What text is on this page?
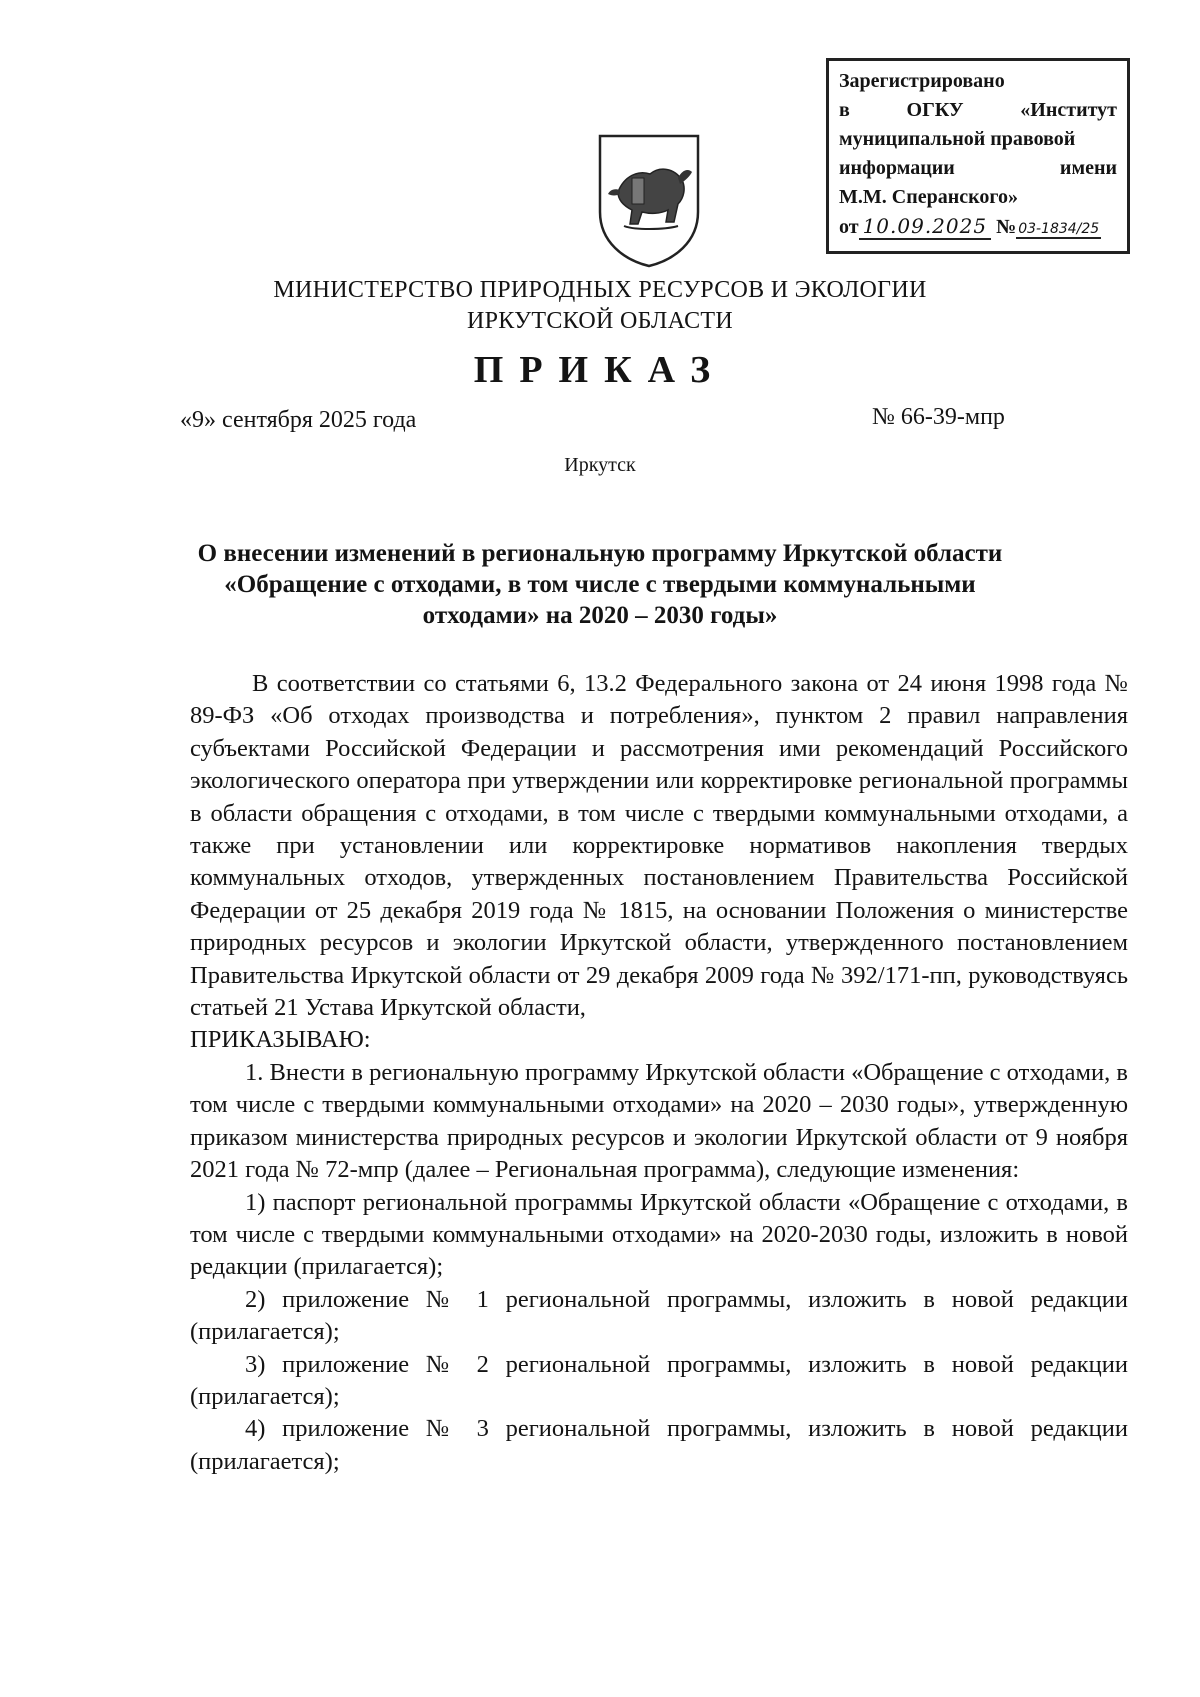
Зарегистрировано
в	ОГКУ	«Институт
муниципальной правовой
информации	имени
М.М. Сперанского»
от 10.09.2025 № 03-1834/25
МИНИСТЕРСТВО ПРИРОДНЫХ РЕСУРСОВ И ЭКОЛОГИИ
ИРКУТСКОЙ ОБЛАСТИ
ПРИКАЗ
«9» сентября 2025 года	№ 66-39-мпр
Иркутск
О внесении изменений в региональную программу Иркутской области
«Обращение с отходами, в том числе с твердыми коммунальными
отходами» на 2020 – 2030 годы»

В соответствии со статьями 6, 13.2 Федерального закона от 24 июня 1998 года № 89-ФЗ «Об отходах производства и потребления», пунктом 2 правил направления субъектами Российской Федерации и рассмотрения ими рекомендаций Российского экологического оператора при утверждении или корректировке региональной программы в области обращения с отходами, в том числе с твердыми коммунальными отходами, а также при установлении или корректировке нормативов накопления твердых коммунальных отходов, утвержденных постановлением Правительства Российской Федерации от 25 декабря 2019 года № 1815, на основании Положения о министерстве природных ресурсов и экологии Иркутской области, утвержденного постановлением Правительства Иркутской области от 29 декабря 2009 года № 392/171-пп, руководствуясь статьей 21 Устава Иркутской области,

ПРИКАЗЫВАЮ:

1. Внести в региональную программу Иркутской области «Обращение с отходами, в том числе с твердыми коммунальными отходами» на 2020 – 2030 годы», утвержденную приказом министерства природных ресурсов и экологии Иркутской области от 9 ноября 2021 года № 72-мпр (далее – Региональная программа), следующие изменения:

1) паспорт региональной программы Иркутской области «Обращение с отходами, в том числе с твердыми коммунальными отходами» на 2020-2030 годы, изложить в новой редакции (прилагается);

2) приложение № 1 региональной программы, изложить в новой редакции (прилагается);

3) приложение № 2 региональной программы, изложить в новой редакции (прилагается);

4) приложение № 3 региональной программы, изложить в новой редакции (прилагается);
